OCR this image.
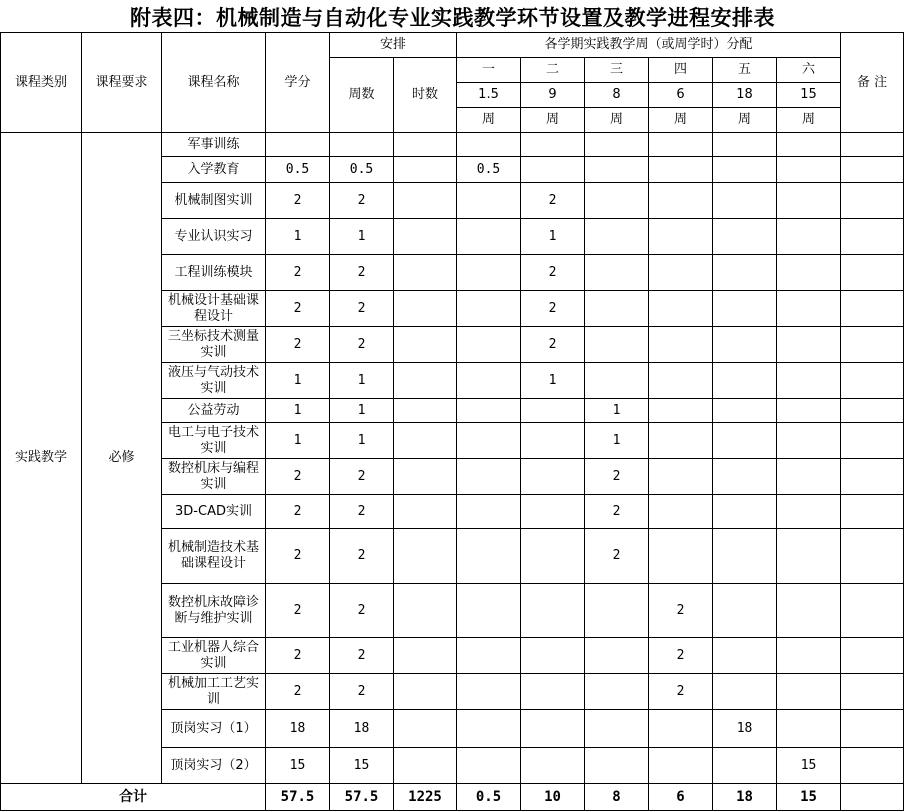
附表四：机械制造与自动化专业实践教学环节设置及教学进程安排表
课程类别	课程要求	课程名称	学分	安排		各学期实践教学周（或周学时）分配						备 注
				周数	时数	一	二	三	四	五	六	
						1.5	9	8	6	18	15	
						周	周	周	周	周	周	
实践教学	必修	军事训练										
		入学教育	0.5	0.5		0.5						
		机械制图实训	2	2			2					
		专业认识实习	1	1			1					
		工程训练模块	2	2			2					
		机械设计基础课程设计	2	2			2					
		三坐标技术测量实训	2	2			2					
		液压与气动技术实训	1	1			1					
		公益劳动	1	1				1				
		电工与电子技术实训	1	1				1				
		数控机床与编程实训	2	2				2				
		3D-CAD实训	2	2				2				
		机械制造技术基础课程设计	2	2				2				
		数控机床故障诊断与维护实训	2	2					2			
		工业机器人综合实训	2	2					2			
		机械加工工艺实训	2	2					2			
		顶岗实习（1）	18	18						18		
		顶岗实习（2）	15	15							15	
合计			57.5	57.5	1225	0.5	10	8	6	18	15	
